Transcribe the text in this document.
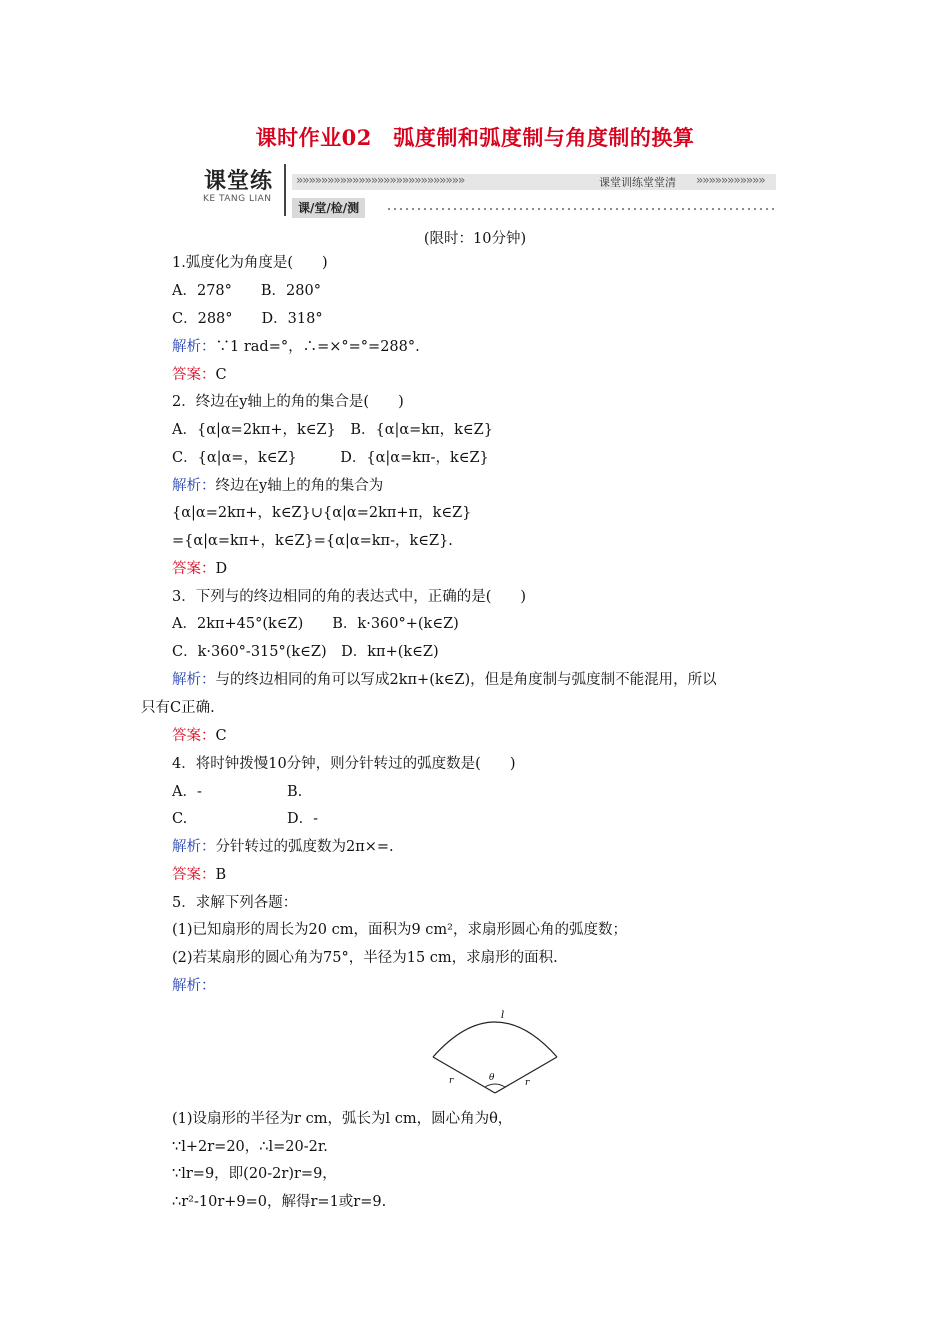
课时作业02　弧度制和弧度制与角度制的换算
课堂练
KE TANG LIAN
»»»»»»»»»»»»»»»»»»»»»»»»»»»	课堂训练堂堂清 »»»»»»»»»»»
课/堂/检/测
(限时：10分钟)
1.弧度化为角度是(　　)
A．278°　　B．280°
C．288°　　D．318°
解析：∵1 rad=°，∴=×°=°=288°.
答案：C
2．终边在y轴上的角的集合是(　　)
A．{α|α=2kπ+，k∈Z}　B．{α|α=kπ，k∈Z}
C．{α|α=，k∈Z}　　　D．{α|α=kπ-，k∈Z}
解析：终边在y轴上的角的集合为
{α|α=2kπ+，k∈Z}∪{α|α=2kπ+π，k∈Z}
={α|α=kπ+，k∈Z}={α|α=kπ-，k∈Z}.
答案：D
3．下列与的终边相同的角的表达式中，正确的是(　　)
A．2kπ+45°(k∈Z)　　B．k·360°+(k∈Z)
C．k·360°-315°(k∈Z)　D．kπ+(k∈Z)
解析：与的终边相同的角可以写成2kπ+(k∈Z)，但是角度制与弧度制不能混用，所以
只有C正确.
答案：C
4．将时钟拨慢10分钟，则分针转过的弧度数是(　　)
A．-	B.
C.	D．-
解析：分针转过的弧度数为2π×=.
答案：B
5．求解下列各题：
(1)已知扇形的周长为20 cm，面积为9 cm²，求扇形圆心角的弧度数；
(2)若某扇形的圆心角为75°，半径为15 cm，求扇形的面积.
解析：
l
r	r
θ
(1)设扇形的半径为r cm，弧长为l cm，圆心角为θ，
∵l+2r=20，∴l=20-2r.
∵lr=9，即(20-2r)r=9，
∴r²-10r+9=0，解得r=1或r=9.
